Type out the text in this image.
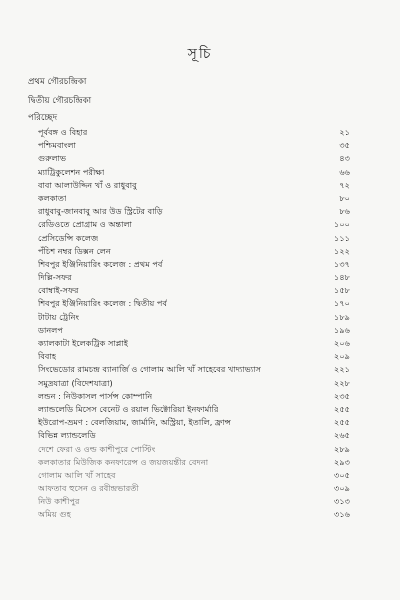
সূচি
প্রথম গৌরচন্দ্রিকা
দ্বিতীয় গৌরচন্দ্রিকা
পরিচ্ছেদ
পূর্ববঙ্গ ও বিহার	২১
পশ্চিমবাংলা	৩৫
গুরুলাভ	৪৩
ম্যাট্রিকুলেশন পরীক্ষা	৬৬
বাবা আলাউদ্দিন খাঁ ও রাধুবাবু	৭২
কলকাতা	৮০
রাধুবাবু-জানবাবু আর উড স্ট্রিটের বাড়ি	৮৬
রেডিওতে প্রোগ্রাম ও অন্তালা	১০০
প্রেসিডেন্সি কলেজ	১১১
পঁচিশ নম্বর ডিক্সন লেন	১২২
শিবপুর ইঞ্জিনিয়ারিং কলেজ : প্রথম পর্ব	১৩৭
দিল্লি-সফর	১৪৮
বোম্বাই-সফর	১৫৮
শিবপুর ইঞ্জিনিয়ারিং কলেজ : দ্বিতীয় পর্ব	১৭০
টাটায় ট্রেনিং	১৮৯
ডানলপ	১৯৬
ক্যালকাটা ইলেকট্রিক সাপ্লাই	২০৬
বিবাহ	২০৯
সিংভেডোর রামচন্দ্র ব্যানার্জি ও গোলাম আলি খাঁ সাহেবের খাদ্যাভ্যাস	২২১
সমুদ্রযাত্রা (বিদেশযাত্রা)	২২৮
লন্ডন : নিউকাসল পার্সন্স কোম্পানি	২৩৫
ল্যান্ডলেডি মিসেস বেনেট ও রয়াল ভিক্টোরিয়া ইনফার্মারি	২৫৫
ইউরোপ-ভ্রমণ : বেলজিয়াম, জার্মানি, অস্ট্রিয়া, ইতালি, ফ্রান্স	২৫৫
বিভিন্ন ল্যান্ডলেডি	২৬৫
দেশে ফেরা ও ওল্ড কাশীপুরে পোস্টিং	২৮৯
কলকাতার মিউজিক কনফারেন্স ও জয়জয়ন্তীর বেদনা	২৯৩
গোলাম আলি খাঁ সাহেব	৩০৫
আফতাব হুসেন ও রবীন্দ্রভারতী	৩০৯
নিউ কাশীপুর	৩১৩
অমিয় গুহ	৩১৬
